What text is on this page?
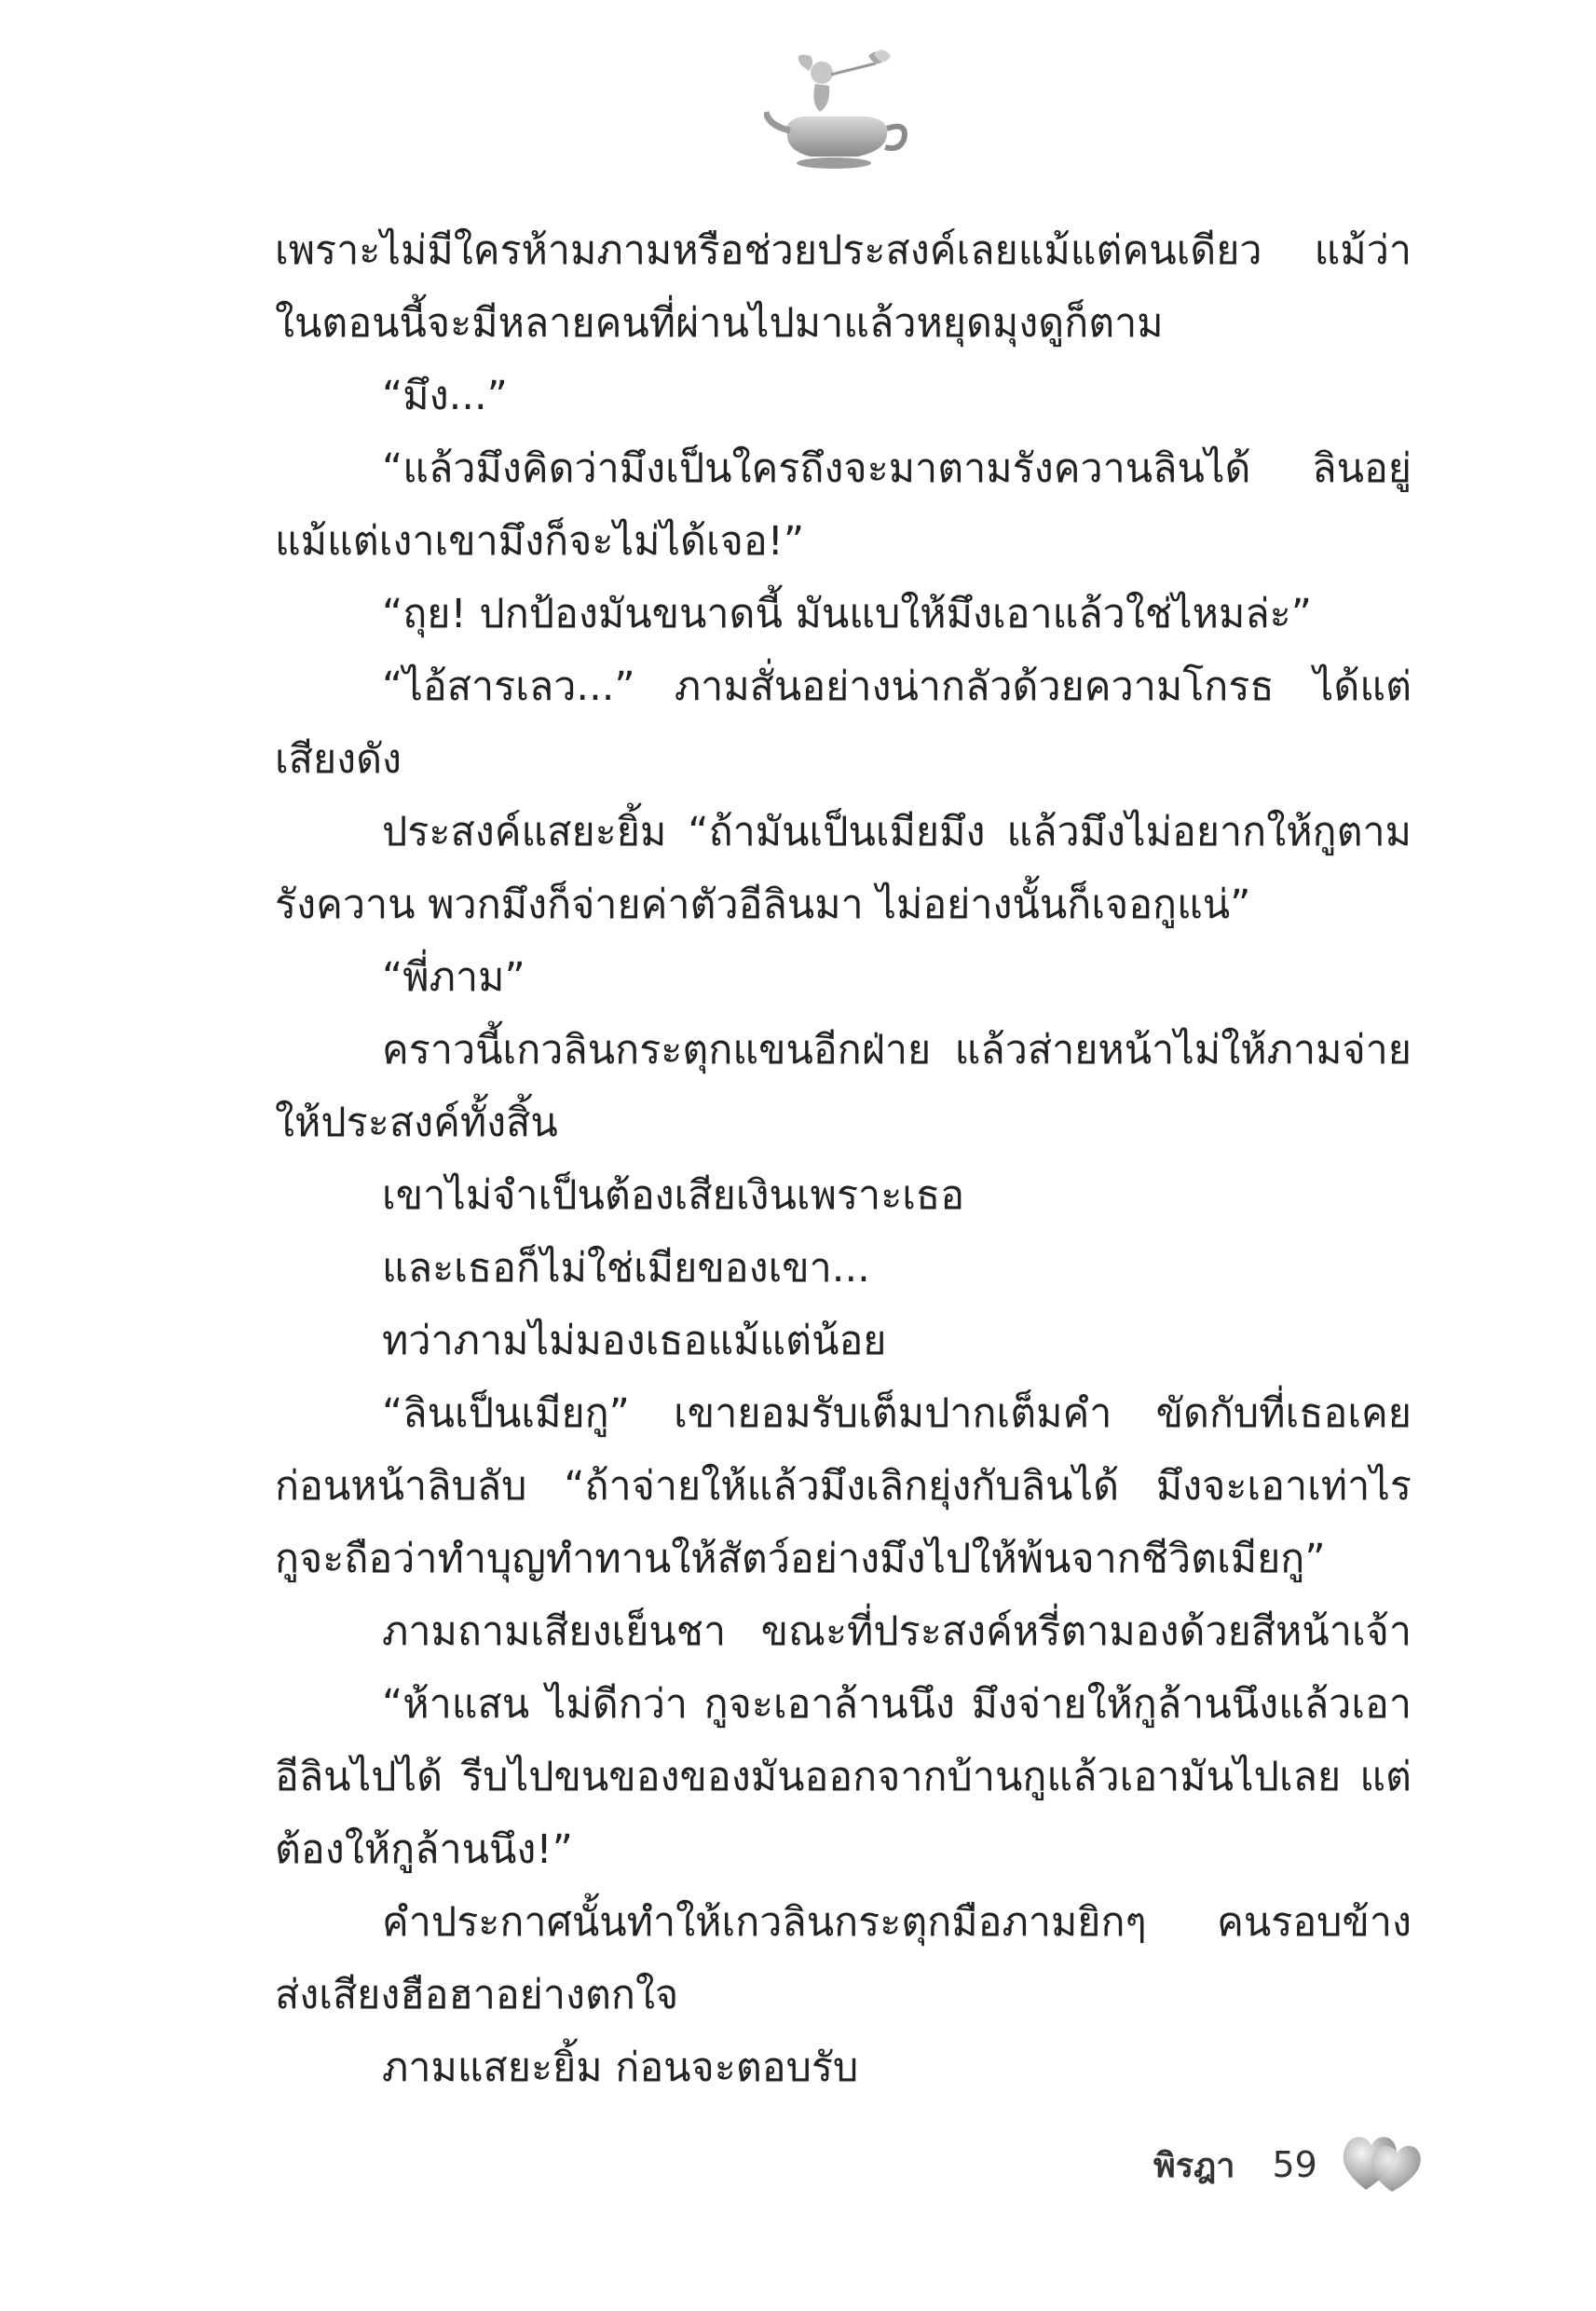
เพราะไม่มีใครห้ามภามหรือช่วยประสงค์เลยแม้แต่คนเดียว แม้ว่า
ในตอนนี้จะมีหลายคนที่ผ่านไปมาแล้วหยุดมุงดูก็ตาม
“มึง...”
“แล้วมึงคิดว่ามึงเป็นใครถึงจะมาตามรังควานลินได้ ลินอยู่
แม้แต่เงาเขามึงก็จะไม่ได้เจอ!”
“ถุย! ปกป้องมันขนาดนี้ มันแบให้มึงเอาแล้วใช่ไหมล่ะ”
“ไอ้สารเลว...” ภามสั่นอย่างน่ากลัวด้วยความโกรธ ได้แต่
เสียงดัง
ประสงค์แสยะยิ้ม “ถ้ามันเป็นเมียมึง แล้วมึงไม่อยากให้กูตาม
รังควาน พวกมึงก็จ่ายค่าตัวอีลินมา ไม่อย่างนั้นก็เจอกูแน่”
“พี่ภาม”
คราวนี้เกวลินกระตุกแขนอีกฝ่าย แล้วส่ายหน้าไม่ให้ภามจ่าย
ให้ประสงค์ทั้งสิ้น
เขาไม่จำเป็นต้องเสียเงินเพราะเธอ
และเธอก็ไม่ใช่เมียของเขา...
ทว่าภามไม่มองเธอแม้แต่น้อย
“ลินเป็นเมียกู” เขายอมรับเต็มปากเต็มคำ ขัดกับที่เธอเคย
ก่อนหน้าลิบลับ “ถ้าจ่ายให้แล้วมึงเลิกยุ่งกับลินได้ มึงจะเอาเท่าไร
กูจะถือว่าทำบุญทำทานให้สัตว์อย่างมึงไปให้พ้นจากชีวิตเมียกู”
ภามถามเสียงเย็นชา ขณะที่ประสงค์หรี่ตามองด้วยสีหน้าเจ้า
“ห้าแสน ไม่ดีกว่า กูจะเอาล้านนึง มึงจ่ายให้กูล้านนึงแล้วเอา
อีลินไปได้ รีบไปขนของของมันออกจากบ้านกูแล้วเอามันไปเลย แต่
ต้องให้กูล้านนึง!”
คำประกาศนั้นทำให้เกวลินกระตุกมือภามยิกๆ คนรอบข้าง
ส่งเสียงฮือฮาอย่างตกใจ
ภามแสยะยิ้ม ก่อนจะตอบรับ
พิรฎา 59
